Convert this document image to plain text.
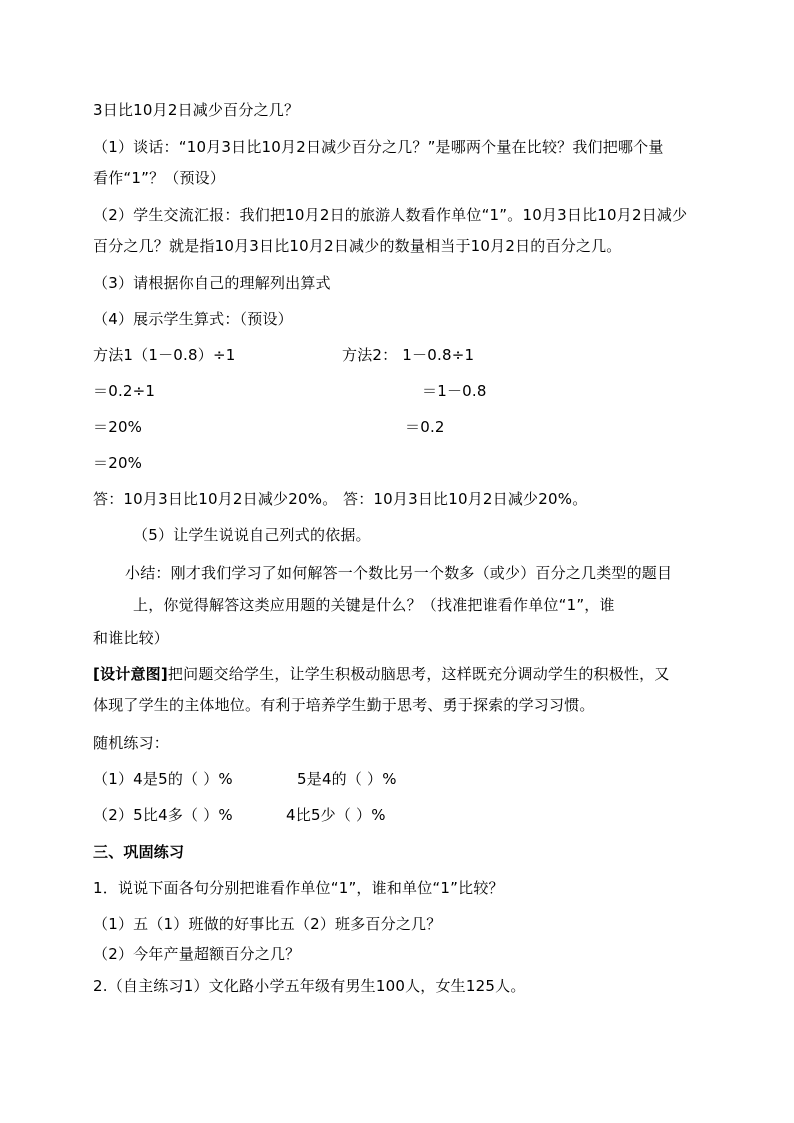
3日比10月2日减少百分之几？

（1）谈话：“10月3日比10月2日减少百分之几？”是哪两个量在比较？我们把哪个量

看作“1”？（预设）

（2）学生交流汇报：我们把10月2日的旅游人数看作单位“1”。10月3日比10月2日减少

百分之几？就是指10月3日比10月2日减少的数量相当于10月2日的百分之几。

（3）请根据你自己的理解列出算式

（4）展示学生算式：（预设）

方法1（1－0.8）÷1	方法2： 1－0.8÷1

＝0.2÷1	＝1－0.8

＝20%	＝0.2

＝20%

答：10月3日比10月2日减少20%。 答：10月3日比10月2日减少20%。

（5）让学生说说自己列式的依据。

小结：刚才我们学习了如何解答一个数比另一个数多（或少）百分之几类型的题目

上，你觉得解答这类应用题的关键是什么？（找准把谁看作单位“1”，谁

和谁比较）

[设计意图]把问题交给学生，让学生积极动脑思考，这样既充分调动学生的积极性，又

体现了学生的主体地位。有利于培养学生勤于思考、勇于探索的学习习惯。

随机练习：

（1）4是5的（ ）%	5是4的（ ）%

（2）5比4多（ ）%	4比5少（ ）%

三、巩固练习

1．说说下面各句分别把谁看作单位“1”，谁和单位“1”比较？

（1）五（1）班做的好事比五（2）班多百分之几？

（2）今年产量超额百分之几？

2.（自主练习1）文化路小学五年级有男生100人，女生125人。
